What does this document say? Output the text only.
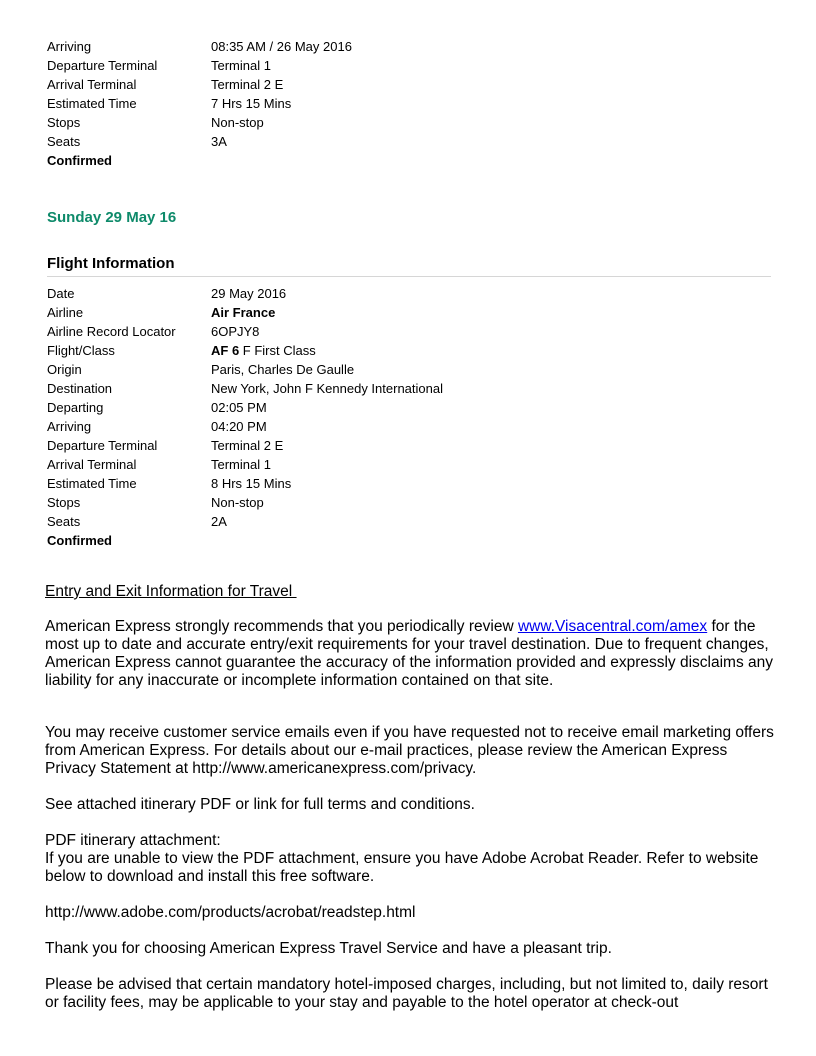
Arriving	08:35 AM / 26 May 2016
Departure Terminal	Terminal 1
Arrival Terminal	Terminal 2 E
Estimated Time	7 Hrs 15 Mins
Stops	Non-stop
Seats	3A
Confirmed
Sunday 29 May 16
Flight Information
Date	29 May 2016
Airline	Air France
Airline Record Locator	6OPJY8
Flight/Class	AF 6 F First Class
Origin	Paris, Charles De Gaulle
Destination	New York, John F Kennedy International
Departing	02:05 PM
Arriving	04:20 PM
Departure Terminal	Terminal 2 E
Arrival Terminal	Terminal 1
Estimated Time	8 Hrs 15 Mins
Stops	Non-stop
Seats	2A
Confirmed
Entry and Exit Information for Travel
American Express strongly recommends that you periodically review www.Visacentral.com/amex for the most up to date and accurate entry/exit requirements for your travel destination. Due to frequent changes, American Express cannot guarantee the accuracy of the information provided and expressly disclaims any liability for any inaccurate or incomplete information contained on that site.
You may receive customer service emails even if you have requested not to receive email marketing offers from American Express. For details about our e-mail practices, please review the American Express Privacy Statement at http://www.americanexpress.com/privacy.
See attached itinerary PDF or link for full terms and conditions.
PDF itinerary attachment:
If you are unable to view the PDF attachment, ensure you have Adobe Acrobat Reader. Refer to website below to download and install this free software.
http://www.adobe.com/products/acrobat/readstep.html
Thank you for choosing American Express Travel Service and have a pleasant trip.
Please be advised that certain mandatory hotel-imposed charges, including, but not limited to, daily resort or facility fees, may be applicable to your stay and payable to the hotel operator at check-out
